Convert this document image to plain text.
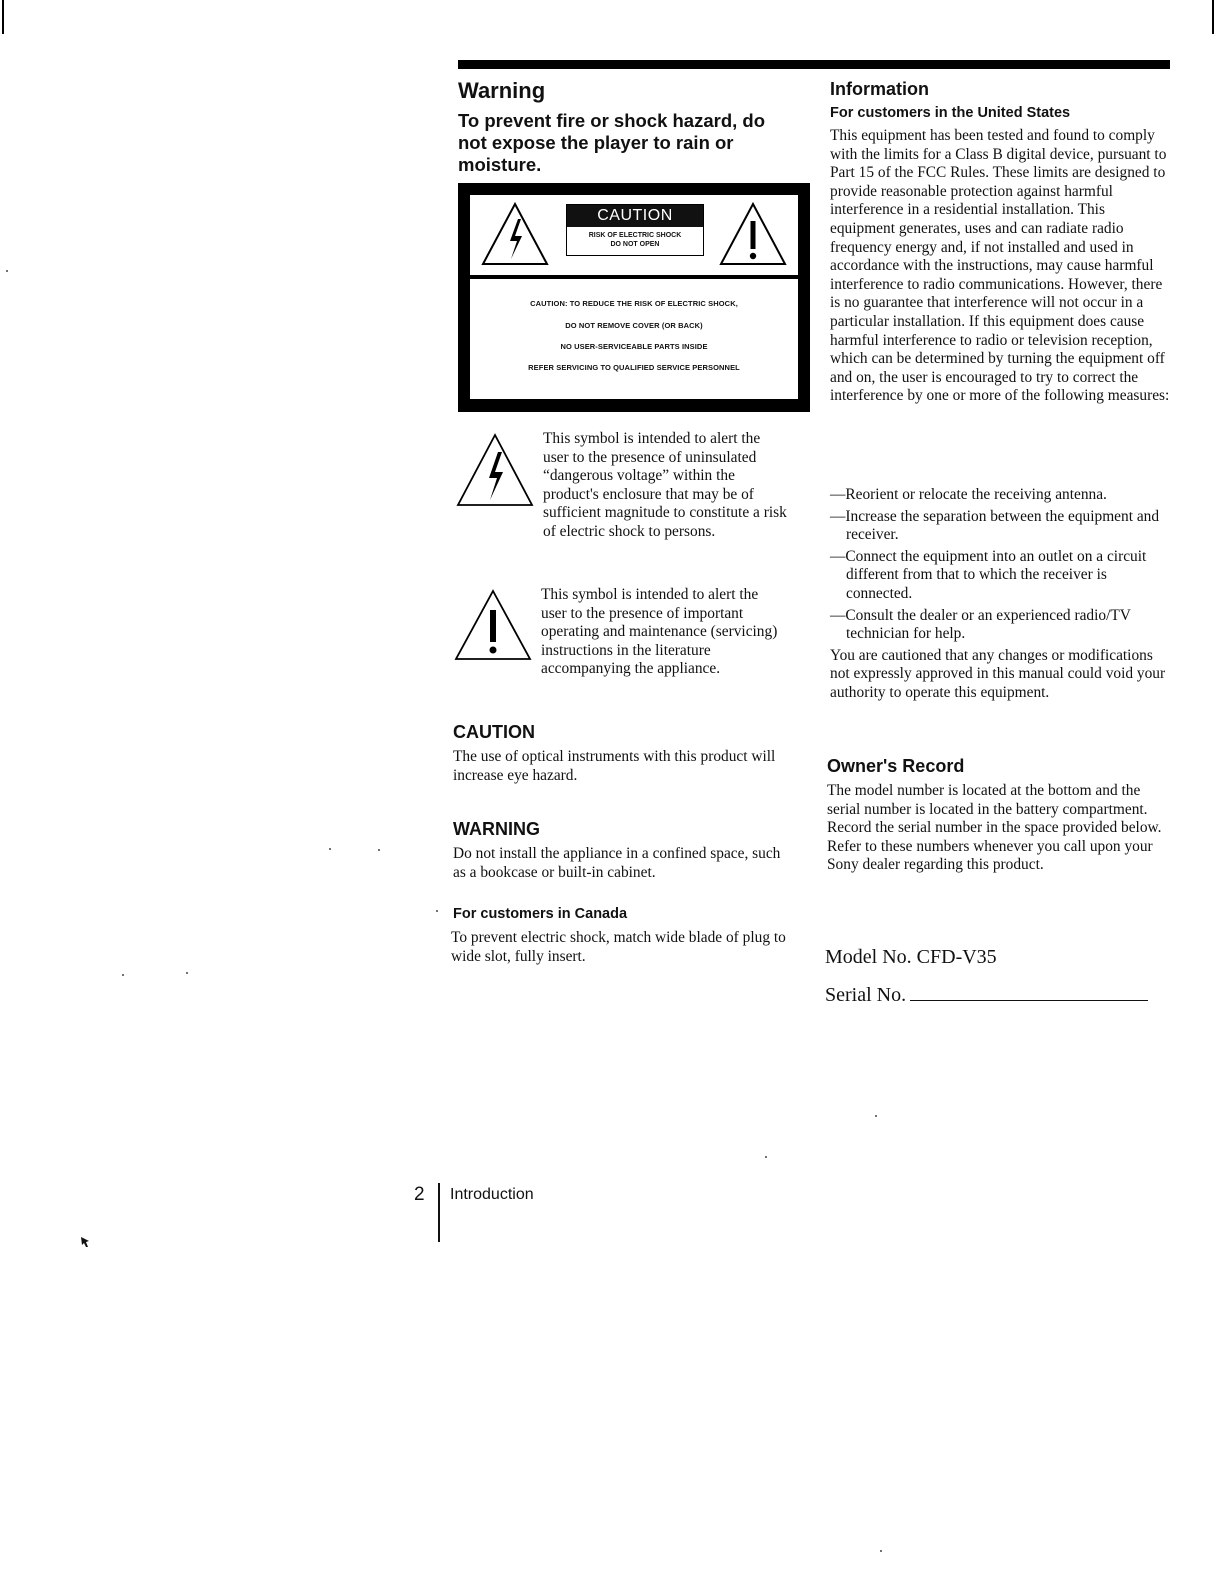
Warning
To prevent fire or shock hazard, do not expose the player to rain or moisture.
CAUTION
RISK OF ELECTRIC SHOCK
DO NOT OPEN
CAUTION: TO REDUCE THE RISK OF ELECTRIC SHOCK,
DO NOT REMOVE COVER (OR BACK)
NO USER-SERVICEABLE PARTS INSIDE
REFER SERVICING TO QUALIFIED SERVICE PERSONNEL
This symbol is intended to alert the user to the presence of uninsulated “dangerous voltage” within the product's enclosure that may be of sufficient magnitude to constitute a risk of electric shock to persons.
This symbol is intended to alert the user to the presence of important operating and maintenance (servicing) instructions in the literature accompanying the appliance.
CAUTION
The use of optical instruments with this product will increase eye hazard.
WARNING
Do not install the appliance in a confined space, such as a bookcase or built-in cabinet.
For customers in Canada
To prevent electric shock, match wide blade of plug to wide slot, fully insert.
Information
For customers in the United States
This equipment has been tested and found to comply with the limits for a Class B digital device, pursuant to Part 15 of the FCC Rules. These limits are designed to provide reasonable protection against harmful interference in a residential installation. This equipment generates, uses and can radiate radio frequency energy and, if not installed and used in accordance with the instructions, may cause harmful interference to radio communications. However, there is no guarantee that interference will not occur in a particular installation. If this equipment does cause harmful interference to radio or television reception, which can be determined by turning the equipment off and on, the user is encouraged to try to correct the interference by one or more of the following measures:
—Reorient or relocate the receiving antenna.
—Increase the separation between the equipment and receiver.
—Connect the equipment into an outlet on a circuit different from that to which the receiver is connected.
—Consult the dealer or an experienced radio/TV technician for help.
You are cautioned that any changes or modifications not expressly approved in this manual could void your authority to operate this equipment.
Owner's Record
The model number is located at the bottom and the serial number is located in the battery compartment.
Record the serial number in the space provided below. Refer to these numbers whenever you call upon your Sony dealer regarding this product.
Model No. CFD-V35
Serial No.
2 Introduction
